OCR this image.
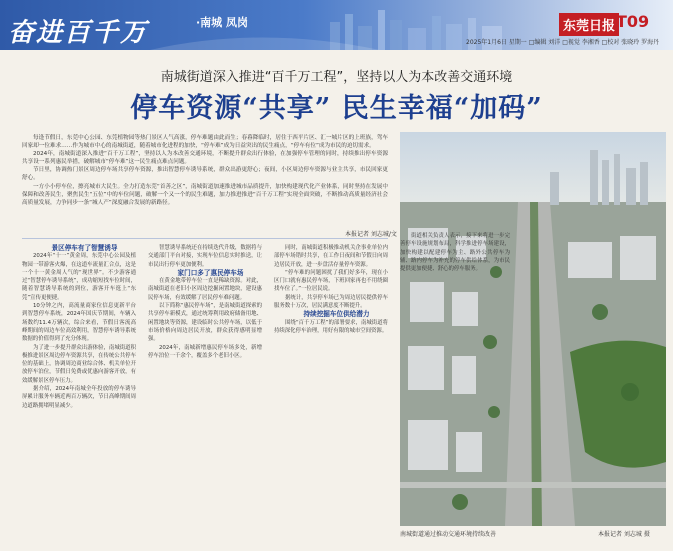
奋进百千万	·南城 凤岗	东莞日报 T09
2025年1月6日 星期一 □编辑 刘洋 □视觉 李湘香 □校对 张晓玲 罗海丹
南城街道深入推进“百千万工程”，坚持以人为本改善交通环境
停车资源“共享” 民生幸福“加码”

每逢节假日，东莞中心公园、东莞植物园等热门景区人气高涨，停车难题由此而生；春暮降临时，居住于西平片区、汇一城片区的上班族，驾车回家却一位难求……作为城市中心的南城街道，随着城市化进程的加快，“停车难”成为日益突出的民生痛点，“停车有位”成为市民的迫切需求。

2024年，南城街道深入推进“百千万工程”，坚持以人为本改善交通环境，不断提升群众出行体验，在加强停车管理的同时，持续推出停车资源共享设一系列惠民举措，破解城市“停车难”这一民生痛点难点问题。

节日里，协调热门景区周边停车场共享停车资源，推出智慧停车诱导系统，群众出游更舒心；夜间，小区周边停车资源与业主共享，市民回家更舒心。

一方小小停车位，擦亮城市大民生。全力打造东莞“首善之区”，南城街道加速推进城市品质提升，加快构建现代化产业体系，同时坚持在发展中保障和改善民生，聚焦民生“五位”中的车位问题，破解一个又一个的民生难题，加力推进推进“百千万工程”实现全面突破，不断推动高质量经济社会高质量发展，力争同步一条“城人产”深度融合发展的新路径。

本报记者 刘志城/文

景区停车有了智慧诱导

2024年“十一”黄金周，东莞中心公园及植物园一带游客火爆，在这道车流量汇合点，这是一个十一黄金周人气的“现世界”。不少游客通过“智慧停车诱导系统”，成功缩短找车位时间，随着智慧诱导系统的到位，游客开车逛上“东莞”宣传更便捷。

10分钟之内，高流量商家位信息更新平台到智慧停车系统，2024年国庆节期间，车辆入场数约11.4万辆次，综合来看，节假日客流高峰期间的周边车位高效利用，智慧停车诱导系统数据的价值得到了充分体现。

为了进一步提升群众出游体验，南城街道积极推进景区周边停车资源共享，在传统公共停车位的基础上，协调周边商业综合体、机关单位开放停车泊位，节假日免费或优惠向游客开放，有效缓解景区停车压力。

据介绍，2024年南城全年投放的停车诱导屏累计服务车辆近两百万辆次，节日高峰期间周边道路拥堵明显减少。

智慧诱导系统还在持续迭代升级，数据将与交通部门平台对接，实现车位信息实时推送，让市民出行停车更加便利。

家门口多了惠民停车场

在黄金地带停车位一直是稀缺资源。对此，南城街道在老旧小区周边挖掘闲置地块，建设惠民停车场，有效缓解了居民停车难问题。

以下简称“惠民停车场”，是南城街道探索的共享停车新模式，通过统筹利用政府储备用地、闲置地块等资源，建设临时公共停车场，以低于市场价格向周边居民开放，群众获得感明显增强。

2024年，南城新增惠民停车场多处，新增停车泊位一千余个，覆盖多个老旧小区。

同时，南城街道积极推动机关企事业单位内部停车场错时共享，在工作日夜间和节假日向周边居民开放，进一步盘活存量停车资源。

“停车难的问题困扰了我们好多年，现在小区门口就有惠民停车场，下班回家再也不用绕圈找车位了。”一位居民说。

据统计，共享停车场已为周边居民提供停车服务数十万次，居民满意度不断提升。

持续挖掘车位供给潜力

围绕“百千万工程”的部署要求，南城街道将持续深化停车治理，用好有限的城市空间资源。

街道相关负责人表示，接下来将进一步完善停车设施规划布局，科学推进停车场建设，加快构建以配建停车为主、路外公共停车为辅、路内停车为补充的停车供给体系，为市民提供更加便捷、舒心的停车服务。

南城街道通过推动交通环境持续改善	本报记者 刘志城 摄
